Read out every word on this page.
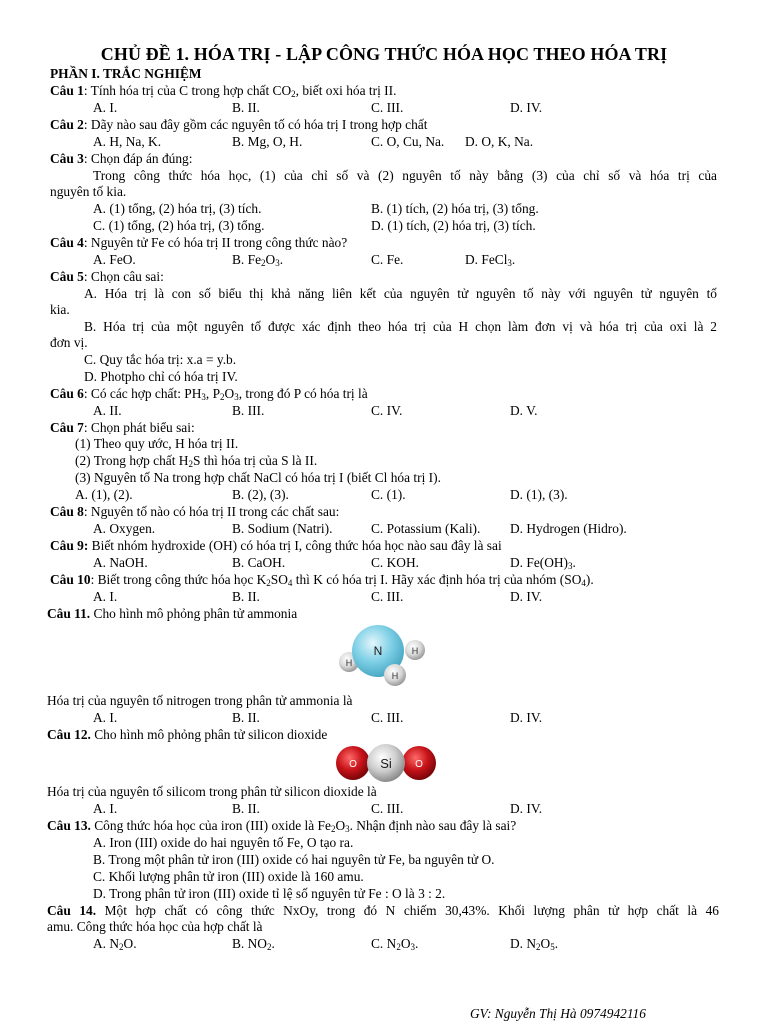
CHỦ ĐỀ 1. HÓA TRỊ - LẬP CÔNG THỨC HÓA HỌC THEO HÓA TRỊ
PHẦN I. TRẮC NGHIỆM
Câu 1: Tính hóa trị của C trong hợp chất $CO_2$, biết oxi hóa trị II.
A. I.	B. II.	C. III.	D. IV.
Câu 2: Dãy nào sau đây gồm các nguyên tố có hóa trị I trong hợp chất
A. H, Na, K.	B. Mg, O, H.	C. O, Cu, Na. D. O, K, Na.
Câu 3: Chọn đáp án đúng:
Trong công thức hóa học, (1) của chỉ số và (2) nguyên tố này bằng (3) của chỉ số và hóa trị của
nguyên tố kia.
A. (1) tổng, (2) hóa trị, (3) tích.	B. (1) tích, (2) hóa trị, (3) tổng.
C. (1) tổng, (2) hóa trị, (3) tổng.	D. (1) tích, (2) hóa trị, (3) tích.
Câu 4: Nguyên tử Fe có hóa trị II trong công thức nào?
A. FeO.	B. $Fe_2O_3$.	C. Fe.	D. FeCl$_3$.
Câu 5: Chọn câu sai:
A. Hóa trị là con số biểu thị khả năng liên kết của nguyên tử nguyên tố này với nguyên tử nguyên tố
kia.
B. Hóa trị của một nguyên tố được xác định theo hóa trị của H chọn làm đơn vị và hóa trị của oxi là 2
đơn vị.
C. Quy tắc hóa trị: x.a = y.b.
D. Photpho chỉ có hóa trị IV.
Câu 6: Có các hợp chất: $PH_3$, $P_2O_3$, trong đó P có hóa trị là
A. II.	B. III.	C. IV.	D. V.
Câu 7: Chọn phát biểu sai:
(1) Theo quy ước, H hóa trị II.
(2) Trong hợp chất $H_2S$ thì hóa trị của S là II.
(3) Nguyên tố Na trong hợp chất NaCl có hóa trị I (biết Cl hóa trị I).
A. (1), (2).	B. (2), (3).	C. (1).	D. (1), (3).
Câu 8: Nguyên tố nào có hóa trị II trong các chất sau:
A. Oxygen.	B. Sodium (Natri).	C. Potassium (Kali). D. Hydrogen (Hidro).
Câu 9: Biết nhóm hydroxide (OH) có hóa trị I, công thức hóa học nào sau đây là sai
A. NaOH.	B. CaOH.	C. KOH.	D. $Fe(OH)_3$.
Câu 10: Biết trong công thức hóa học $K_2SO_4$ thì K có hóa trị I. Hãy xác định hóa trị của nhóm $(SO_4)$.
A. I.	B. II.	C. III.	D. IV.
Câu 11. Cho hình mô phỏng phân tử ammonia
N
H
H
H
Hóa trị của nguyên tố nitrogen trong phân tử ammonia là
A. I.	B. II.	C. III.	D. IV.
Câu 12. Cho hình mô phỏng phân tử silicon dioxide
O	O
Si
Hóa trị của nguyên tố silicom trong phân tử silicon dioxide là
A. I.	B. II.	C. III.	D. IV.
Câu 13. Công thức hóa học của iron (III) oxide là $Fe_2O_3$. Nhận định nào sau đây là sai?
A. Iron (III) oxide do hai nguyên tố Fe, O tạo ra.
B. Trong một phân tử iron (III) oxide có hai nguyên tử Fe, ba nguyên tử O.
C. Khối lượng phân tử iron (III) oxide là 160 amu.
D. Trong phân tử iron (III) oxide tỉ lệ số nguyên tử Fe : O là 3 : 2.
Câu 14. Một hợp chất có công thức NxOy, trong đó N chiếm 30,43%. Khối lượng phân tử hợp chất là 46
amu. Công thức hóa học của hợp chất là
A. $N_2O$.	B. $NO_2$.	C. $N_2O_3$.	D. $N_2O_5$.
GV: Nguyễn Thị Hà 0974942116
